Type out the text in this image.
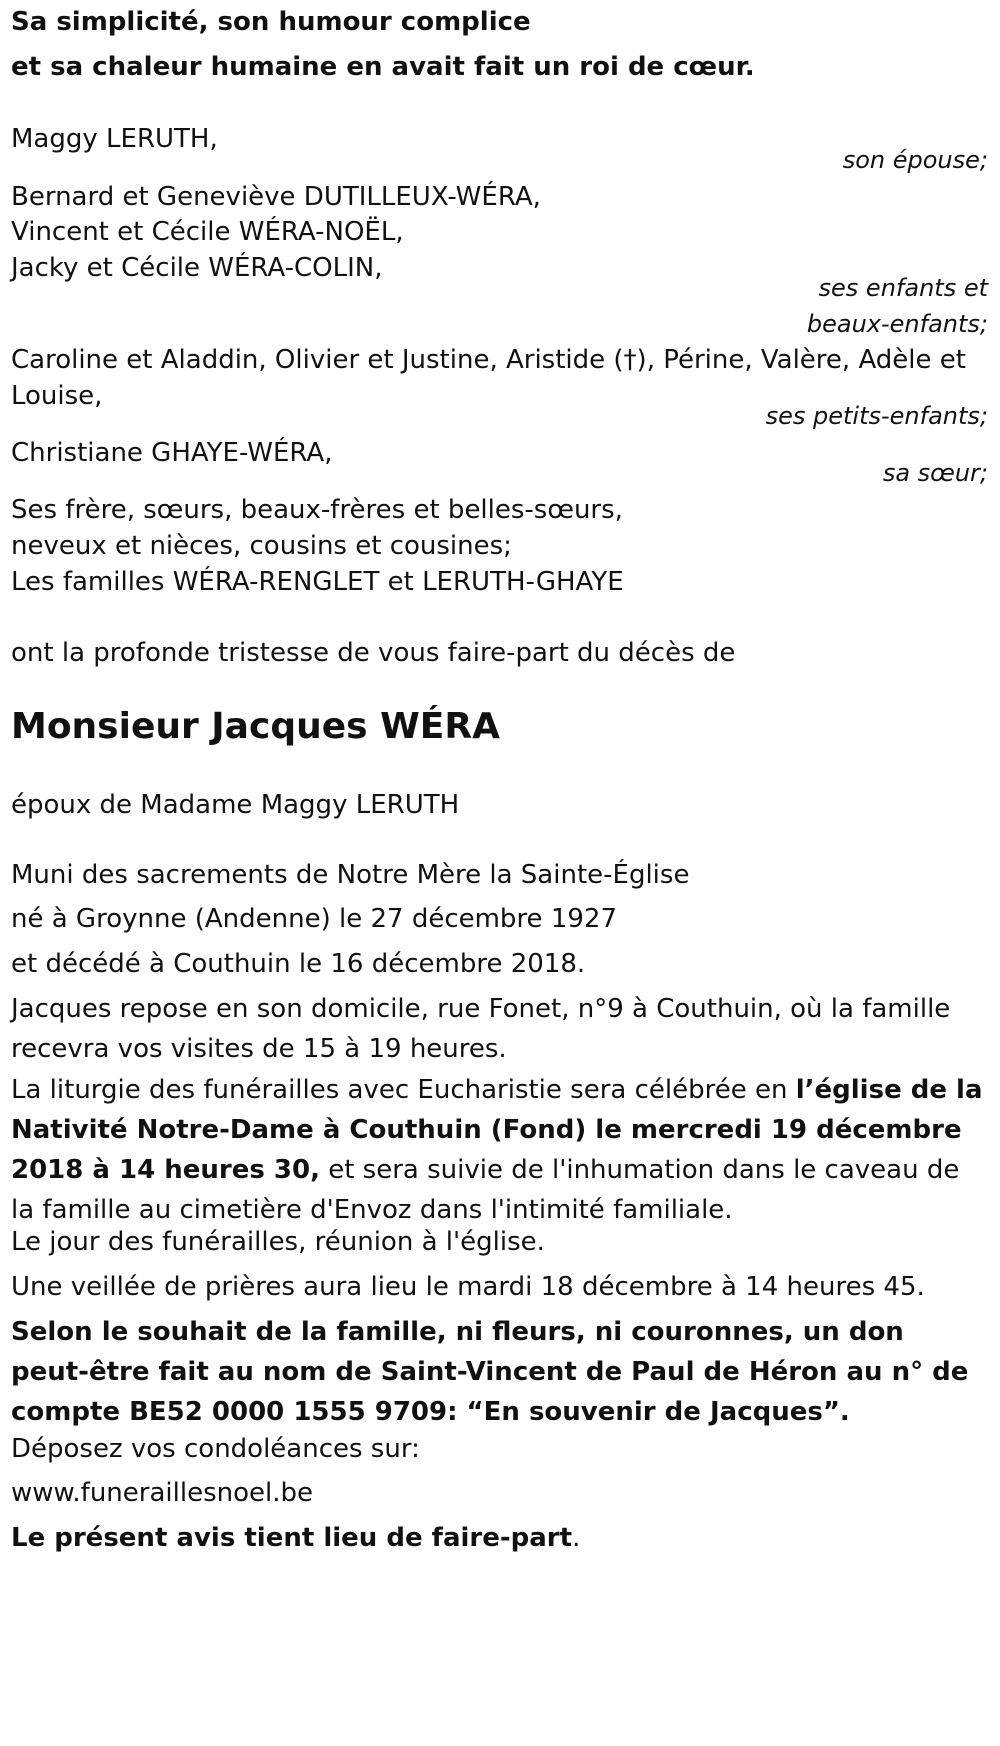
Sa simplicité, son humour complice
et sa chaleur humaine en avait fait un roi de cœur.
Maggy LERUTH,
son épouse;
Bernard et Geneviève DUTILLEUX-WÉRA,
Vincent et Cécile WÉRA-NOËL,
Jacky et Cécile WÉRA-COLIN,
ses enfants et
beaux-enfants;
Caroline et Aladdin, Olivier et Justine, Aristide (†), Périne, Valère, Adèle et
Louise,
ses petits-enfants;
Christiane GHAYE-WÉRA,
sa sœur;
Ses frère, sœurs, beaux-frères et belles-sœurs,
neveux et nièces, cousins et cousines;
Les familles WÉRA-RENGLET et LERUTH-GHAYE
ont la profonde tristesse de vous faire-part du décès de
Monsieur Jacques WÉRA
époux de Madame Maggy LERUTH
Muni des sacrements de Notre Mère la Sainte-Église
né à Groynne (Andenne) le 27 décembre 1927
et décédé à Couthuin le 16 décembre 2018.
Jacques repose en son domicile, rue Fonet, n°9 à Couthuin, où la famille recevra vos visites de 15 à 19 heures.
La liturgie des funérailles avec Eucharistie sera célébrée en l’église de la Nativité Notre-Dame à Couthuin (Fond) le mercredi 19 décembre 2018 à 14 heures 30, et sera suivie de l'inhumation dans le caveau de la famille au cimetière d'Envoz dans l'intimité familiale.
Le jour des funérailles, réunion à l'église.
Une veillée de prières aura lieu le mardi 18 décembre à 14 heures 45.
Selon le souhait de la famille, ni fleurs, ni couronnes, un don peut-être fait au nom de Saint-Vincent de Paul de Héron au n° de compte BE52 0000 1555 9709: “En souvenir de Jacques”.
Déposez vos condoléances sur:
www.funeraillesnoel.be
Le présent avis tient lieu de faire-part.
